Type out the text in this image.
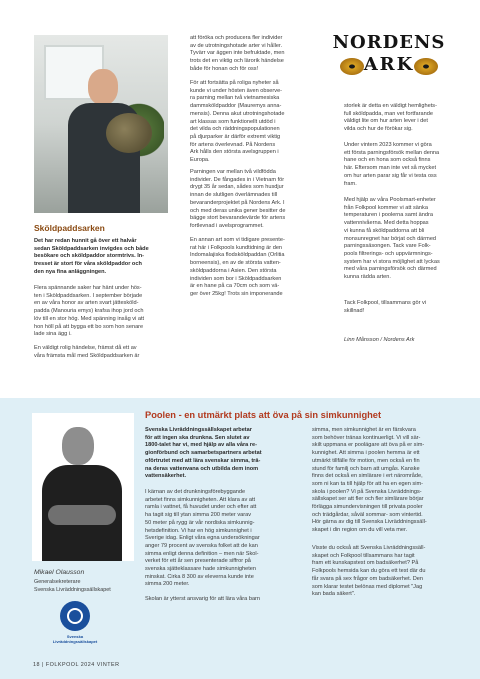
Sköldpaddsarken
Det har redan hunnit gå över ett halvår
sedan Sköldpaddsarken invigdes och både
besökare och sköldpaddor stormtrivs. In-
tresset är stort för våra sköldpaddor och
den nya fina anläggningen.
Flera spännande saker har hänt under hös-
ten i Sköldpaddsarken. I september började
en av våra honor av arten svart jättesköld-
padda (Manouria emys) krafsa ihop jord och
löv till en stor hög. Med spänning insåg vi att
hon höll på att bygga ett bo som hon senare
lade sina ägg i.
En väldigt rolig händelse, främst då ett av
våra främsta mål med Sköldpaddsarken är
att föröka och producera fler individer
av de utrotningshotade arter vi håller.
Tyvärr var äggen inte befruktade, men
trots det en viktig och lärorik händelse
både för honan och för oss!
För att fortsätta på roliga nyheter så
kunde vi under hösten även observe-
ra parning mellan två vietnamesiska
dammsköldpaddor (Mauremys anna-
mensis). Denna akut utrotningshotade
art klassas som funktionellt utdöd i
det vilda och räddningspopulationen
på djurparker är därför extremt viktig
för artens överlevnad. På Nordens
Ark hålls den största avelsgruppen i
Europa.
Parningen var mellan två vildfödda
individer. De fångades in i Vietnam för
drygt 35 år sedan, sådes som husdjur
innan de slutligen överlämnades till
bevaranderprojektet på Nordens Ark. I
och med deras unika gener besitter de
bägge stort bevarandevärde för artens
fortlevnad i avelsprogrammet.
En annan art som vi tidigare presente-
rat här i Folkpools kundtidning är den
Indomalajiska flodsköldpaddan (Orlitia
borneensis), en av de största vatten-
sköldpaddorna i Asien. Den största
individen som bor i Sköldpaddsarken
är en hane på ca 70cm och som vä-
ger över 25kg! Trots sin imponerande
NORDENS
ARK
storlek är detta en väldigt hemlighets-
full sköldpadda, man vet fortfarande
väldigt lite om hur arten lever i det
vilda och hur de förökar sig.
Under vintern 2023 kommer vi göra
ett första parningsförsök mellan denna
hane och en hona som också finns
här. Eftersom man inte vet så mycket
om hur arten parar sig får vi testa oss
fram.
Med hjälp av våra Poolsmart-enheter
från Folkpool kommer vi att sänka
temperaturen i poolerna samt ändra
vattennivåerna. Med detta hoppas
vi kunna få sköldpaddorna att bli
monsunregnet har börjat och därmed
parningssäsongen. Tack vare Folk-
pools filtrerings- och uppvärmnings-
system har vi stora möjlighet att lyckas
med våra parningsförsök och därmed
kunna rädda arten.
Tack Folkpool, tillsammans gör vi
skillnad!
Linn Månsson / Nordens Ark
Poolen - en utmärkt plats att öva på sin simkunnighet
Mikael Olausson
Generalsekreterare
Svenska Livräddningssällskapet
Svenska
Livräddningssällskapet
Svenska Livräddningssällskapet arbetar
för att ingen ska drunkna. Sen slutet av
1800-talet har vi, med hjälp av alla våra re-
gionförbund och samarbetspartners arbetat
oförtrutet med att lära svenskar simma, trä-
na deras vattenvana och utbilda dem inom
vattensäkerhet.
I kärnan av det drunkningsförebyggande
arbetet finns simkunnigheten. Att klara av att
ramla i vattnet, få huvudet under och efter att
ha tagit sig till ytan simma 200 meter varav
50 meter på rygg är vår nordiska simkunnig-
hetsdefinition. Vi har en hög simkunnighet i
Sverige idag. Enligt våra egna undersökningar
anger 79 procent av svenska folket att de kan
simma enligt denna definition – men när Skol-
verket för ett år sen presenterade siffror på
svenska sjätteklassare hade simkunnigheten
minskat. Cirka 8 300 av eleverna kunde inte
simma 200 meter.
Skolan är ytterst ansvarig för att lära våra barn
simma, men simkunnighet är en färskvara
som behöver tränas kontinuerligt. Vi vill sär-
skilt uppmana er poolägare att öva på er sim-
kunnighet. Att simma i poolen hemma är ett
utmärkt tillfälle för motion, men också en fin
stund för familj och barn att umgås. Kanske
finns det också en simlärare i ert närområde,
som ni kan ta till hjälp för att ha en egen sim-
skola i poolen? Vi på Svenska Livräddnings-
sällskapet ser att fler och fler simlärare börjar
förlägga simundervisningen till privata pooler
och trädgårdar, såväl sommar- som vintertid.
Hör gärna av dig till Svenska Livräddningssäll-
skapet i din region om du vill veta mer.
Visste du också att Svenska Livräddningssäll-
skapet och Folkpool tillsammans har tagit
fram ett kunskapstest om badsäkerhet? På
Folkpools hemsida kan du göra ett test där du
får svara på sex frågor om badsäkerhet. Den
som klarar testet belönas med diplomet "Jag
kan bada säkert".
18 | FOLKPOOL 2024 VINTER
